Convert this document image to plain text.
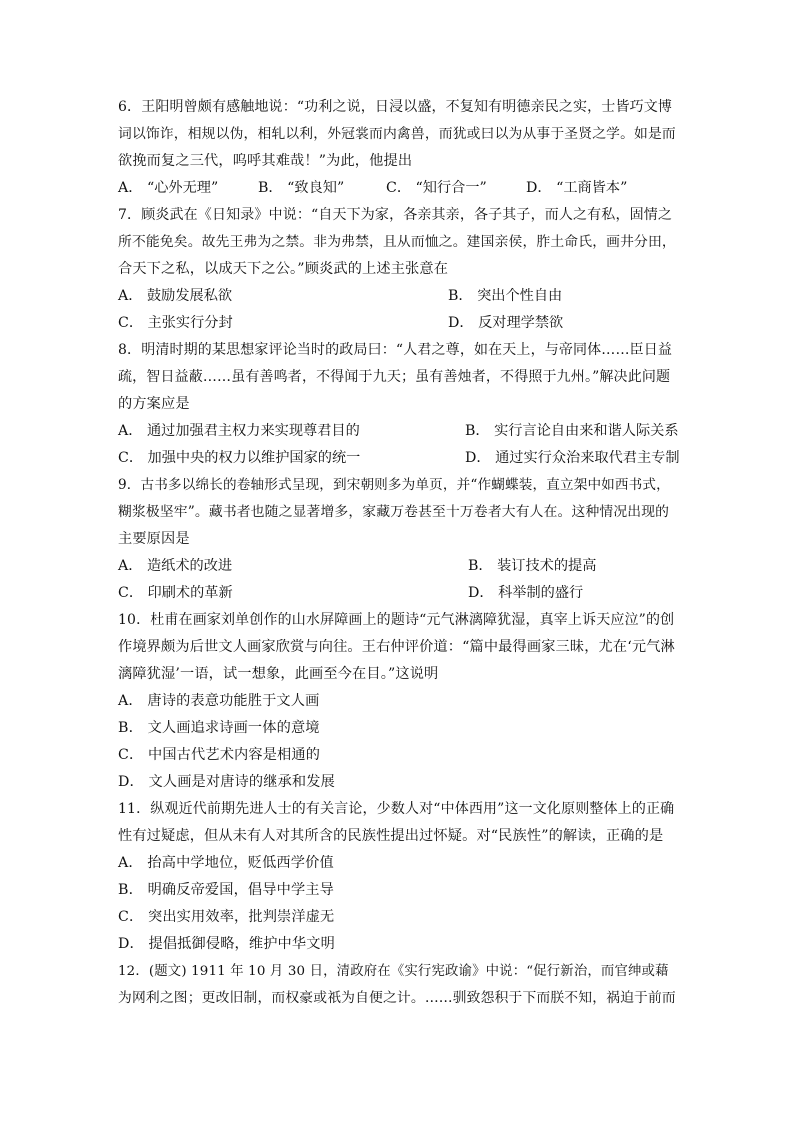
6．王阳明曾颇有感触地说：“功利之说，日浸以盛，不复知有明德亲民之实，士皆巧文博
词以饰诈，相规以伪，相轧以利，外冠裳而内禽兽，而犹或曰以为从事于圣贤之学。如是而
欲挽而复之三代，呜呼其难哉！”为此，他提出
A． “心外无理”	B． “致良知”	C． “知行合一”	D． “工商皆本”
7．顾炎武在《日知录》中说：“自天下为家，各亲其亲，各子其子，而人之有私，固情之
所不能免矣。故先王弗为之禁。非为弗禁，且从而恤之。建国亲侯，胙土命氏，画井分田，
合天下之私，以成天下之公。”顾炎武的上述主张意在
A． 鼓励发展私欲	B． 突出个性自由
C． 主张实行分封	D． 反对理学禁欲
8．明清时期的某思想家评论当时的政局曰：“人君之尊，如在天上，与帝同体……臣日益
疏，智日益蔽……虽有善鸣者，不得闻于九天；虽有善烛者，不得照于九州。”解决此问题
的方案应是
A． 通过加强君主权力来实现尊君目的	B． 实行言论自由来和谐人际关系
C． 加强中央的权力以维护国家的统一	D． 通过实行众治来取代君主专制
9．古书多以绵长的卷轴形式呈现，到宋朝则多为单页，并“作蝴蝶装，直立架中如西书式，
糊浆极坚牢”。藏书者也随之显著增多，家藏万卷甚至十万卷者大有人在。这种情况出现的
主要原因是
A． 造纸术的改进	B． 装订技术的提高
C． 印刷术的革新	D． 科举制的盛行
10．杜甫在画家刘单创作的山水屏障画上的题诗“元气淋漓障犹湿，真宰上诉天应泣”的创
作境界颇为后世文人画家欣赏与向往。王右仲评价道：“篇中最得画家三昧，尤在‘元气淋
漓障犹湿’一语，试一想象，此画至今在目。”这说明
A． 唐诗的表意功能胜于文人画
B． 文人画追求诗画一体的意境
C． 中国古代艺术内容是相通的
D． 文人画是对唐诗的继承和发展
11．纵观近代前期先进人士的有关言论，少数人对“中体西用”这一文化原则整体上的正确
性有过疑虑，但从未有人对其所含的民族性提出过怀疑。对“民族性”的解读，正确的是
A． 抬高中学地位，贬低西学价值
B． 明确反帝爱国，倡导中学主导
C． 突出实用效率，批判崇洋虚无
D． 提倡抵御侵略，维护中华文明
12．(题文) 1911 年 10 月 30 日，清政府在《实行宪政谕》中说：“促行新治，而官绅或藉
为网利之图；更改旧制，而权豪或祇为自便之计。……驯致怨积于下而朕不知，祸迫于前而
